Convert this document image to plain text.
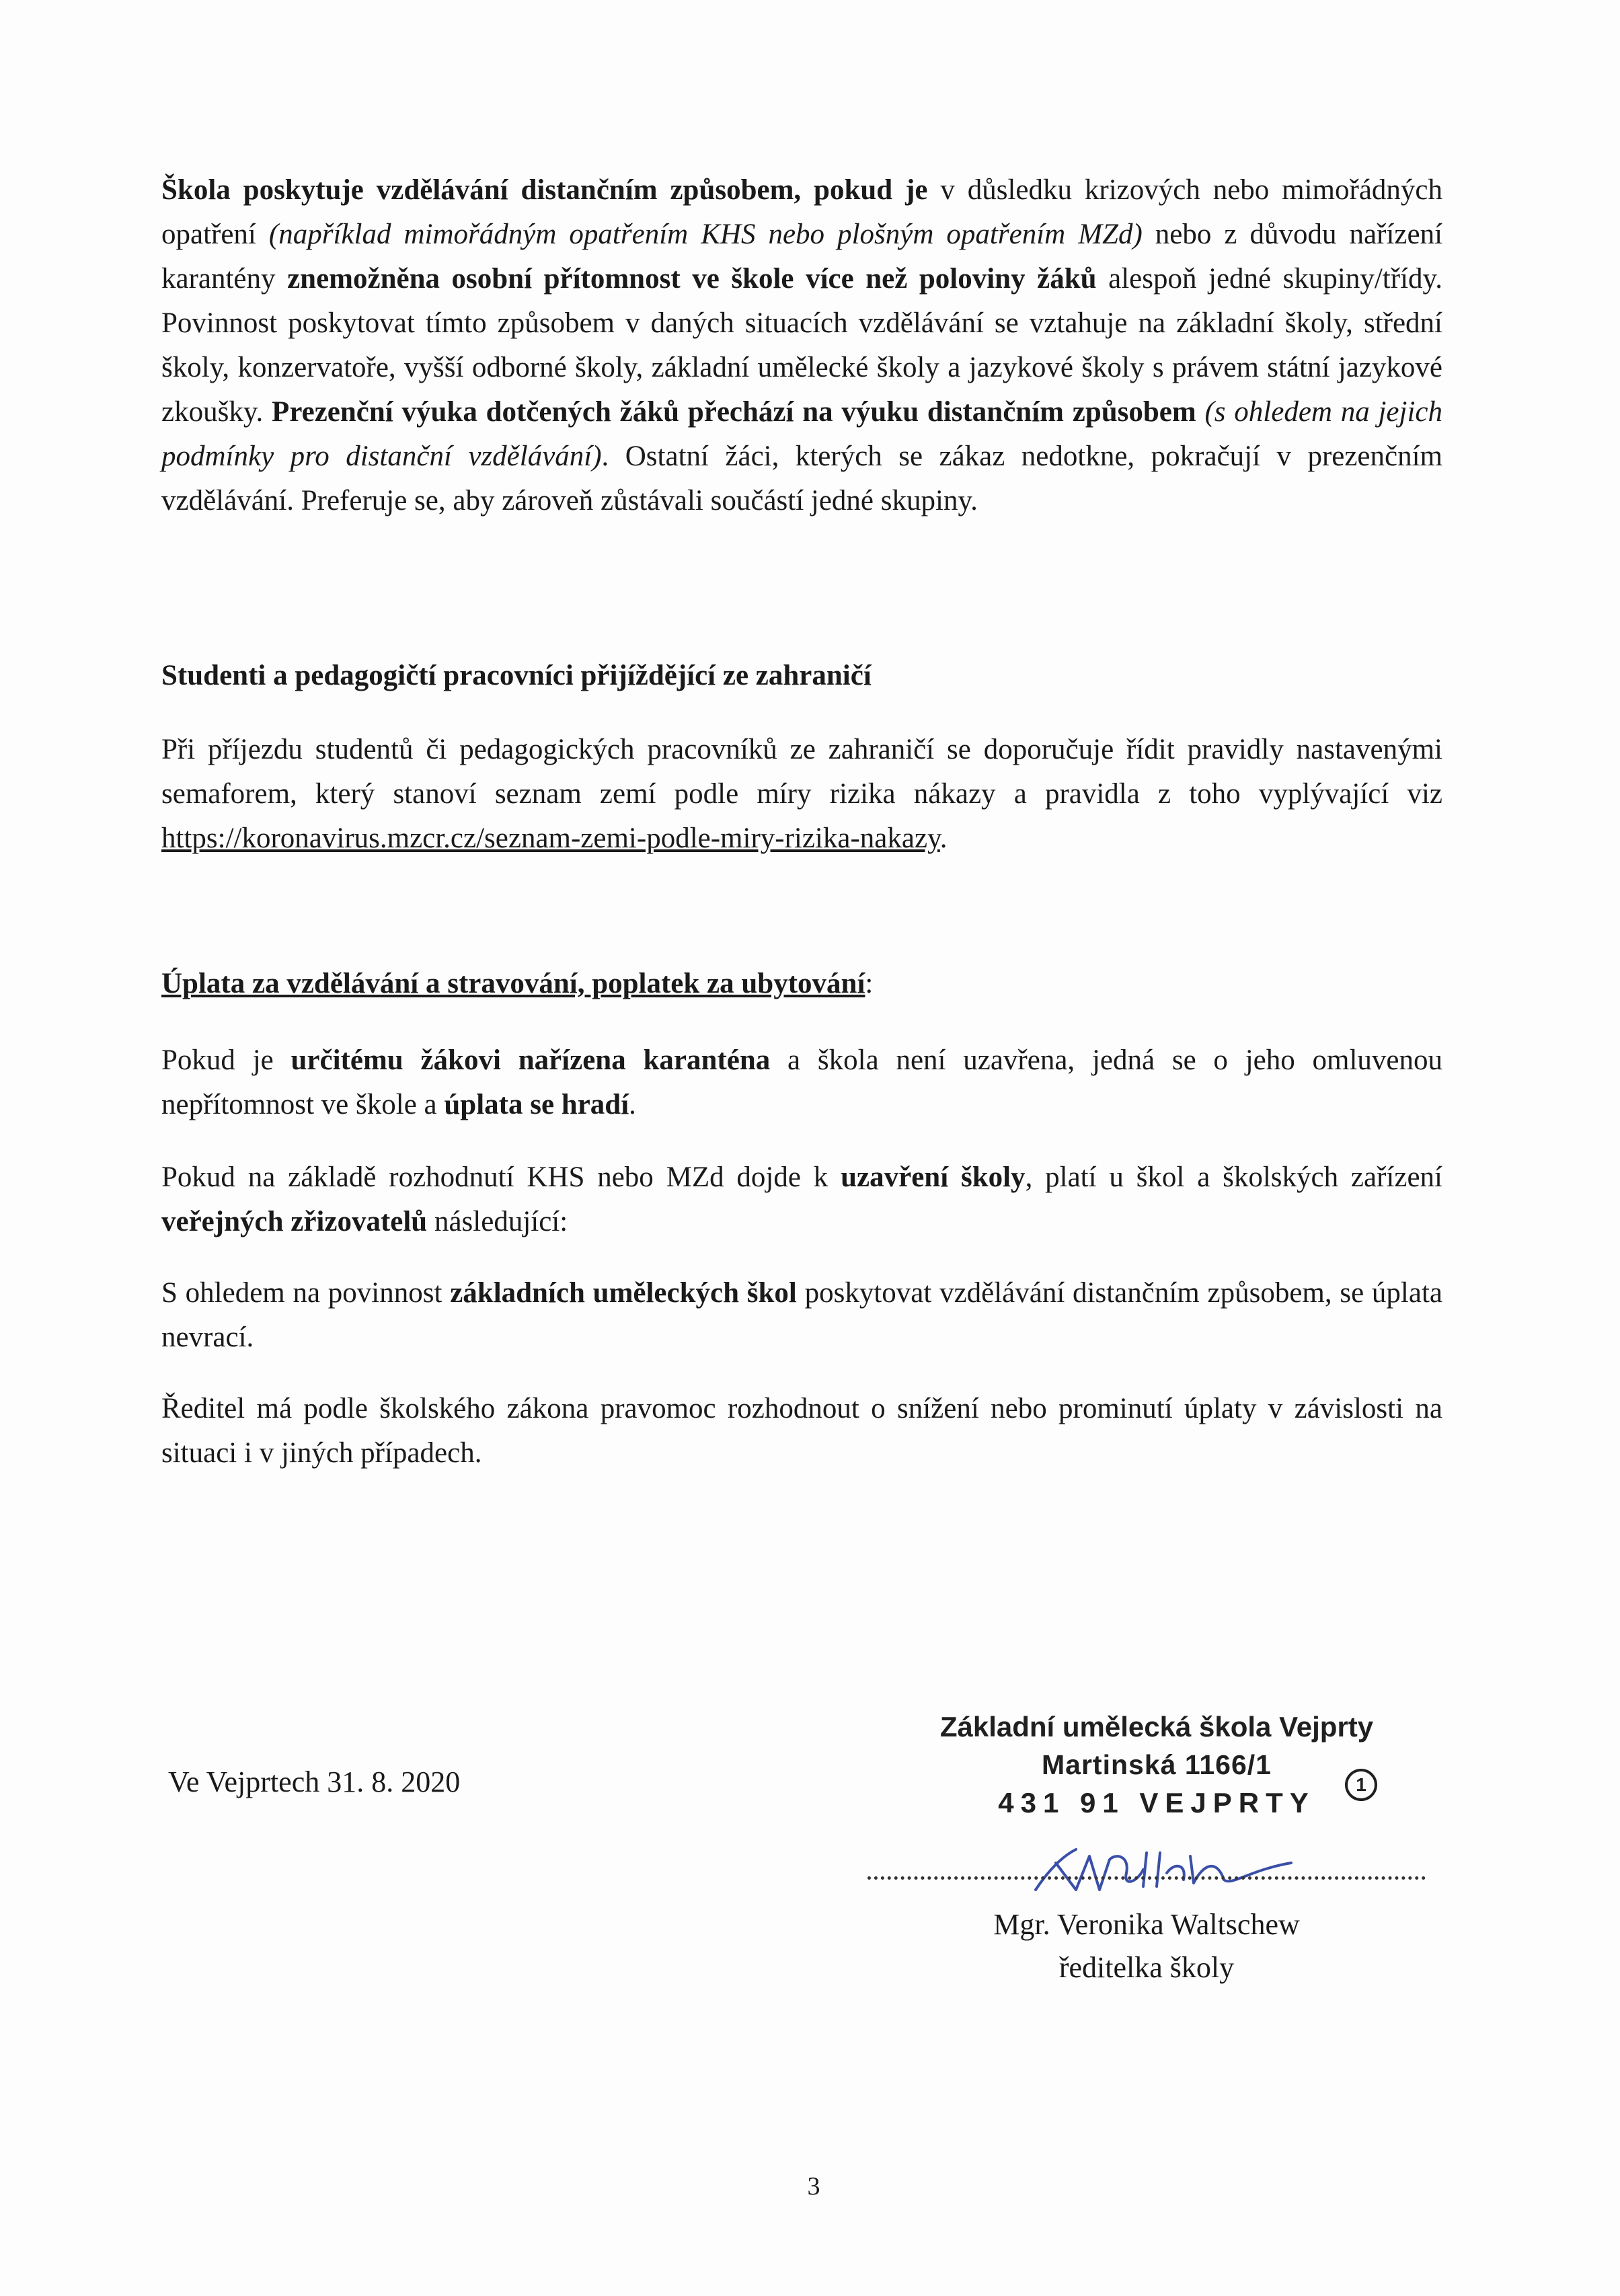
Škola poskytuje vzdělávání distančním způsobem, pokud je v důsledku krizových nebo mimořádných opatření (například mimořádným opatřením KHS nebo plošným opatřením MZd) nebo z důvodu nařízení karantény znemožněna osobní přítomnost ve škole více než poloviny žáků alespoň jedné skupiny/třídy. Povinnost poskytovat tímto způsobem v daných situacích vzdělávání se vztahuje na základní školy, střední školy, konzervatoře, vyšší odborné školy, základní umělecké školy a jazykové školy s právem státní jazykové zkoušky. Prezenční výuka dotčených žáků přechází na výuku distančním způsobem (s ohledem na jejich podmínky pro distanční vzdělávání). Ostatní žáci, kterých se zákaz nedotkne, pokračují v prezenčním vzdělávání. Preferuje se, aby zároveň zůstávali součástí jedné skupiny.
Studenti a pedagogičtí pracovníci přijíždějící ze zahraničí
Při příjezdu studentů či pedagogických pracovníků ze zahraničí se doporučuje řídit pravidly nastavenými semaforem, který stanoví seznam zemí podle míry rizika nákazy a pravidla z toho vyplývající viz https://koronavirus.mzcr.cz/seznam-zemi-podle-miry-rizika-nakazy.
Úplata za vzdělávání a stravování, poplatek za ubytování:
Pokud je určitému žákovi nařízena karanténa a škola není uzavřena, jedná se o jeho omluvenou nepřítomnost ve škole a úplata se hradí.
Pokud na základě rozhodnutí KHS nebo MZd dojde k uzavření školy, platí u škol a školských zařízení veřejných zřizovatelů následující:
S ohledem na povinnost základních uměleckých škol poskytovat vzdělávání distančním způsobem, se úplata nevrací.
Ředitel má podle školského zákona pravomoc rozhodnout o snížení nebo prominutí úplaty v závislosti na situaci i v jiných případech.
Ve Vejprtech 31. 8. 2020
Základní umělecká škola Vejprty
Martinská 1166/1
431 91 VEJPRTY
1
Mgr. Veronika Waltschew
ředitelka školy
3
